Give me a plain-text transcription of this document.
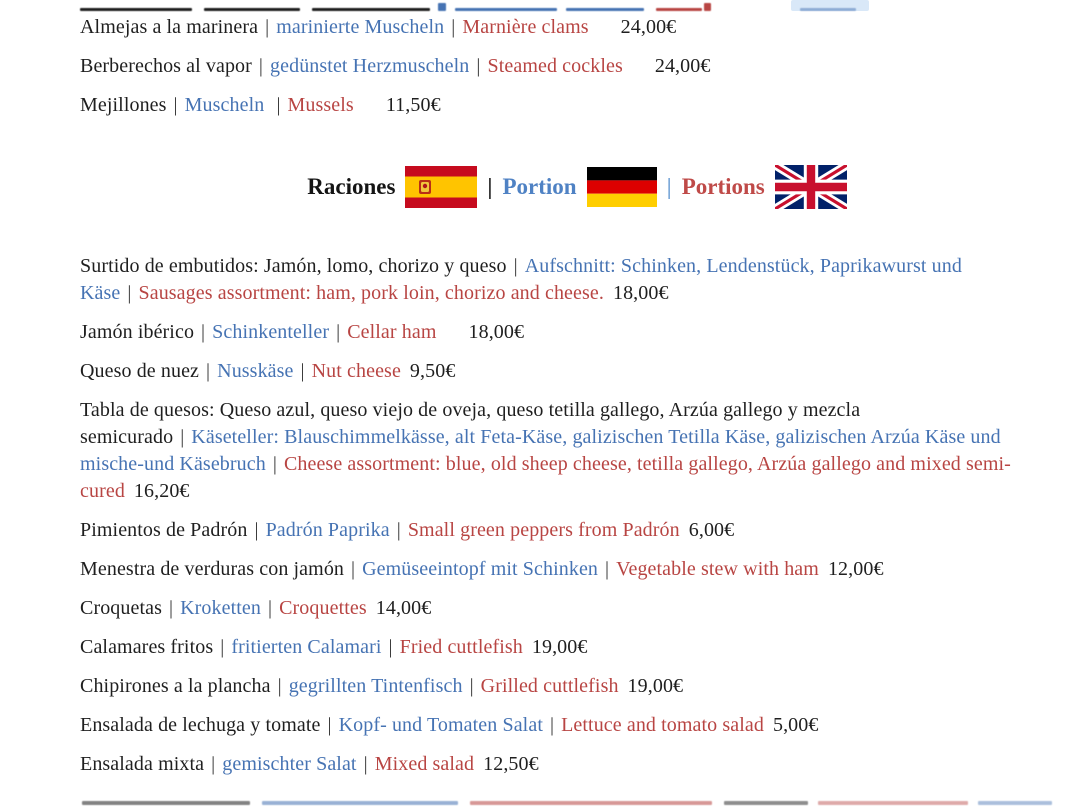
Almejas a la marinera | marinierte Muscheln | Marnière clams 24,00€
Berberechos al vapor | gedünstet Herzmuscheln | Steamed cockles 24,00€
Mejillones | Muscheln | Mussels 11,50€
Raciones	| Portion	| Portions
Surtido de embutidos: Jamón, lomo, chorizo y queso | Aufschnitt: Schinken, Lendenstück, Paprikawurst und Käse | Sausages assortment: ham, pork loin, chorizo and cheese. 18,00€
Jamón ibérico | Schinkenteller | Cellar ham 18,00€
Queso de nuez | Nusskäse | Nut cheese 9,50€
Tabla de quesos: Queso azul, queso viejo de oveja, queso tetilla gallego, Arzúa gallego y mezcla semicurado | Käseteller: Blauschimmelkässe, alt Feta-Käse, galizischen Tetilla Käse, galizischen Arzúa Käse und mische-und Käsebruch | Cheese assortment: blue, old sheep cheese, tetilla gallego, Arzúa gallego and mixed semi-cured 16,20€
Pimientos de Padrón | Padrón Paprika | Small green peppers from Padrón 6,00€
Menestra de verduras con jamón | Gemüseeintopf mit Schinken | Vegetable stew with ham 12,00€
Croquetas | Kroketten | Croquettes 14,00€
Calamares fritos | fritierten Calamari | Fried cuttlefish 19,00€
Chipirones a la plancha | gegrillten Tintenfisch | Grilled cuttlefish 19,00€
Ensalada de lechuga y tomate | Kopf- und Tomaten Salat | Lettuce and tomato salad 5,00€
Ensalada mixta | gemischter Salat | Mixed salad 12,50€
